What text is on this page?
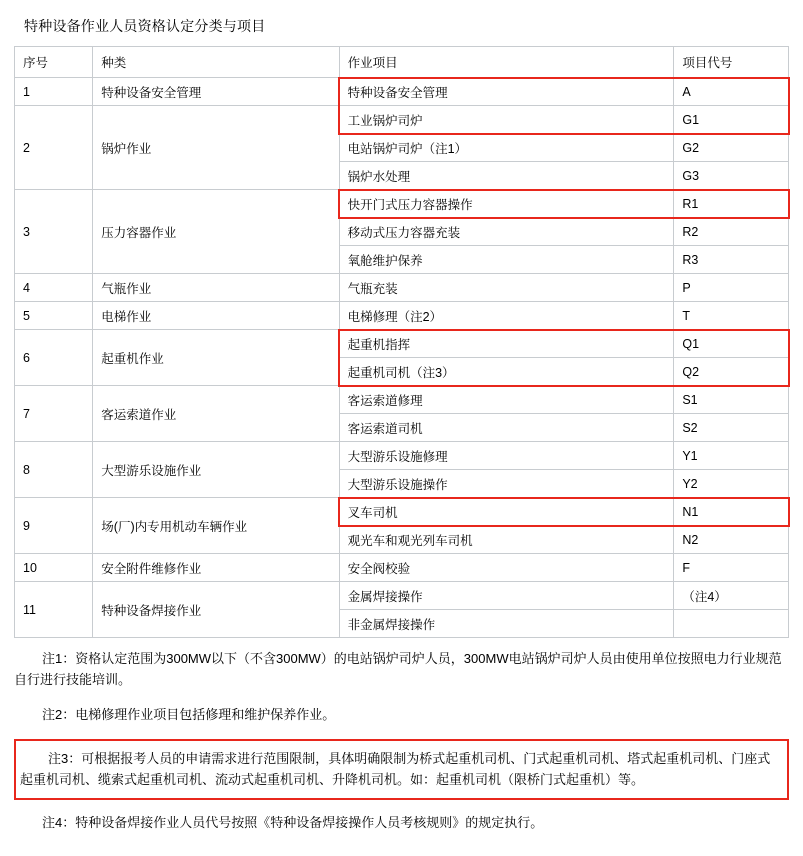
特种设备作业人员资格认定分类与项目
序号	种类	作业项目	项目代号
1	特种设备安全管理	特种设备安全管理	A
2	锅炉作业	工业锅炉司炉	G1
		电站锅炉司炉（注1）	G2
		锅炉水处理	G3
3	压力容器作业	快开门式压力容器操作	R1
		移动式压力容器充装	R2
		氧舱维护保养	R3
4	气瓶作业	气瓶充装	P
5	电梯作业	电梯修理（注2）	T
6	起重机作业	起重机指挥	Q1
		起重机司机（注3）	Q2
7	客运索道作业	客运索道修理	S1
		客运索道司机	S2
8	大型游乐设施作业	大型游乐设施修理	Y1
		大型游乐设施操作	Y2
9	场(厂)内专用机动车辆作业	叉车司机	N1
		观光车和观光列车司机	N2
10	安全附件维修作业	安全阀校验	F
11	特种设备焊接作业	金属焊接操作	（注4）
		非金属焊接操作	

注1：资格认定范围为300MW以下（不含300MW）的电站锅炉司炉人员，300MW电站锅炉司炉人员由使用单位按照电力行业规范自行进行技能培训。

注2：电梯修理作业项目包括修理和维护保养作业。

注3：可根据报考人员的申请需求进行范围限制，具体明确限制为桥式起重机司机、门式起重机司机、塔式起重机司机、门座式起重机司机、缆索式起重机司机、流动式起重机司机、升降机司机。如：起重机司机（限桥门式起重机）等。

注4：特种设备焊接作业人员代号按照《特种设备焊接操作人员考核规则》的规定执行。
